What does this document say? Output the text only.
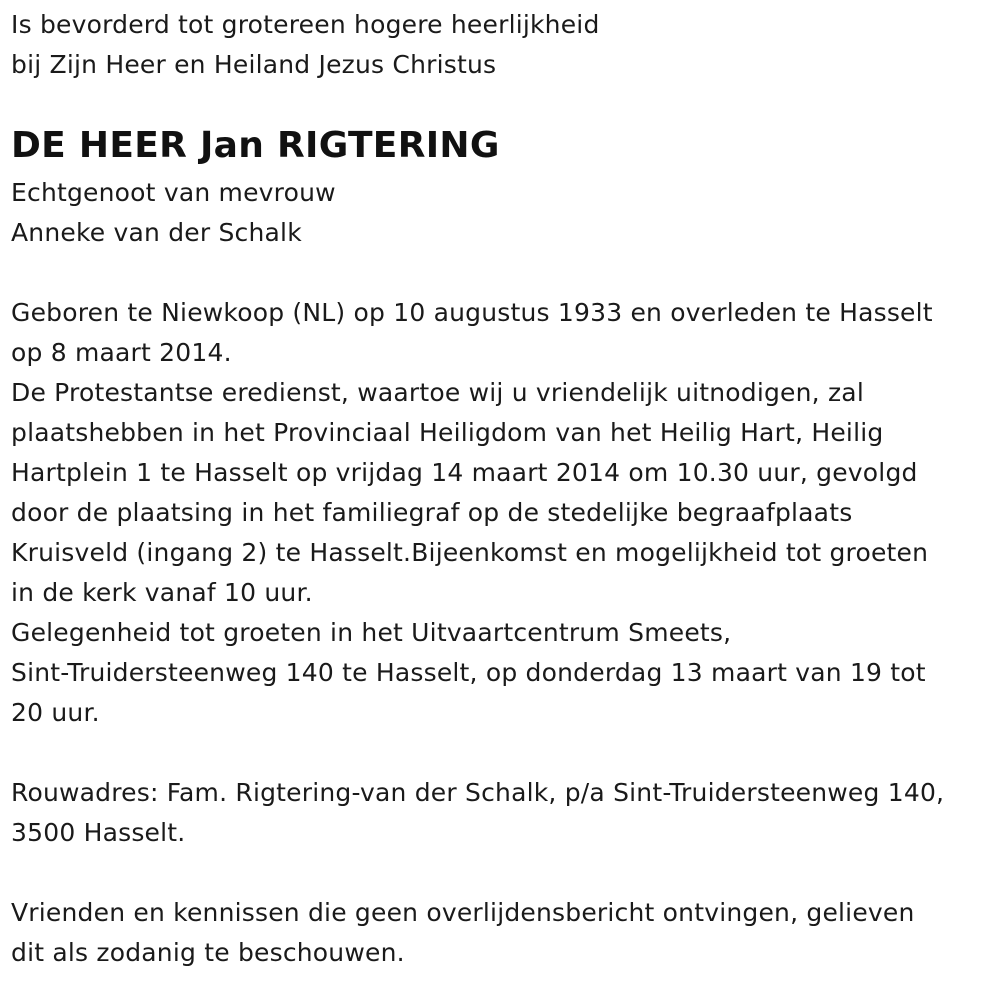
Is bevorderd tot grotereen hogere heerlijkheid
bij Zijn Heer en Heiland Jezus Christus
DE HEER Jan RIGTERING
Echtgenoot van mevrouw
Anneke van der Schalk
Geboren te Niewkoop (NL) op 10 augustus 1933 en overleden te Hasselt
op 8 maart 2014.
De Protestantse eredienst, waartoe wij u vriendelijk uitnodigen, zal
plaatshebben in het Provinciaal Heiligdom van het Heilig Hart, Heilig
Hartplein 1 te Hasselt op vrijdag 14 maart 2014 om 10.30 uur, gevolgd
door de plaatsing in het familiegraf op de stedelijke begraafplaats
Kruisveld (ingang 2) te Hasselt.Bijeenkomst en mogelijkheid tot groeten
in de kerk vanaf 10 uur.
Gelegenheid tot groeten in het Uitvaartcentrum Smeets,
Sint-Truidersteenweg 140 te Hasselt, op donderdag 13 maart van 19 tot
20 uur.
Rouwadres: Fam. Rigtering-van der Schalk, p/a Sint-Truidersteenweg 140,
3500 Hasselt.
Vrienden en kennissen die geen overlijdensbericht ontvingen, gelieven
dit als zodanig te beschouwen.
